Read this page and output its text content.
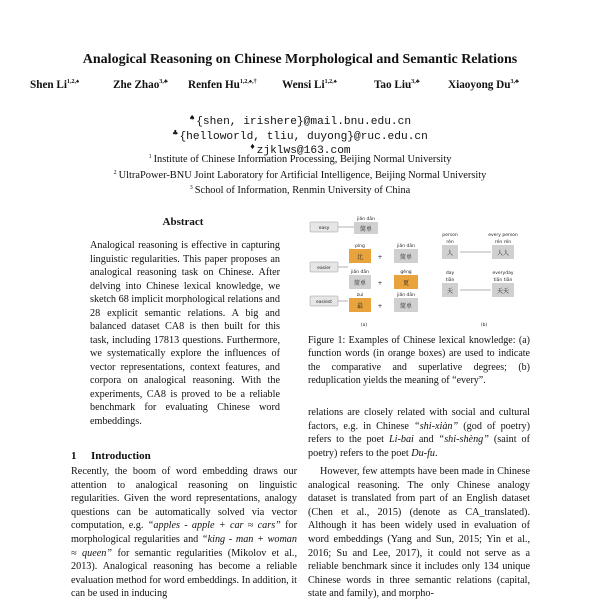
Analogical Reasoning on Chinese Morphological and Semantic Relations
Shen $Li^{1,2,♠}$	Zhe Zhao$^{3,♣}$ Renfen $Hu^{1,2,♠,\dagger}$ Wensi $Li^{1,2,♠}$	Tao Liu$^{3,♣}$	Xiaoyong $Du^{3,♣}$
♠{shen, irishere}@mail.bnu.edu.cn
♣{helloworld, tliu, duyong}@ruc.edu.cn
♦zjklws@163.com
$^1$ Institute of Chinese Information Processing, Beijing Normal University
$^2$ UltraPower-BNU Joint Laboratory for Artificial Intelligence, Beijing Normal University
$^3$ School of Information, Renmin University of China
Abstract
Analogical reasoning is effective in capturing linguistic regularities. This paper proposes an analogical reasoning task on Chinese. After delving into Chinese lexical knowledge, we sketch 68 implicit morphological relations and 28 explicit semantic relations. A big and balanced dataset CA8 is then built for this task, including 17813 questions. Furthermore, we systematically explore the influences of vector representations, context features, and corpora on analogical reasoning. With the experiments, CA8 is proved to be a reliable benchmark for evaluating Chinese word embeddings.
1 Introduction
Recently, the boom of word embedding draws our attention to analogical reasoning on linguistic regularities. Given the word representations, analogy questions can be automatically solved via vector computation, e.g. “apples - apple + car ≈ cars” for morphological regularities and “king - man + woman ≈ queen” for semantic regularities (Mikolov et al., 2013). Analogical reasoning has become a reliable evaluation method for word embeddings. In addition, it can be used in inducing
easy
easier
easiest
jiǎn dān
简单
píng
比
jiǎn dān
简单
+
jiǎn dān
简单
gèng
更
+
zuì
最 +
jiǎn dān
简单
(a)
person	every person
rén
人
rén rén
人人
day	everyday
tiān
天
tiān tiān
天天
(b)
Figure 1: Examples of Chinese lexical knowledge: (a) function words (in orange boxes) are used to indicate the comparative and superlative degrees; (b) reduplication yields the meaning of “every”.
relations are closely related with social and cultural factors, e.g. in Chinese “shi-xiàn” (god of poetry) refers to the poet Li-bai and “shi-shèng” (saint of poetry) refers to the poet Du-fu.
However, few attempts have been made in Chinese analogical reasoning. The only Chinese analogy dataset is translated from part of an English dataset (Chen et al., 2015) (denote as CA_translated). Although it has been widely used in evaluation of word embeddings (Yang and Sun, 2015; Yin et al., 2016; Su and Lee, 2017), it could not serve as a reliable benchmark since it includes only 134 unique Chinese words in three semantic relations (capital, state and family), and morpho-
